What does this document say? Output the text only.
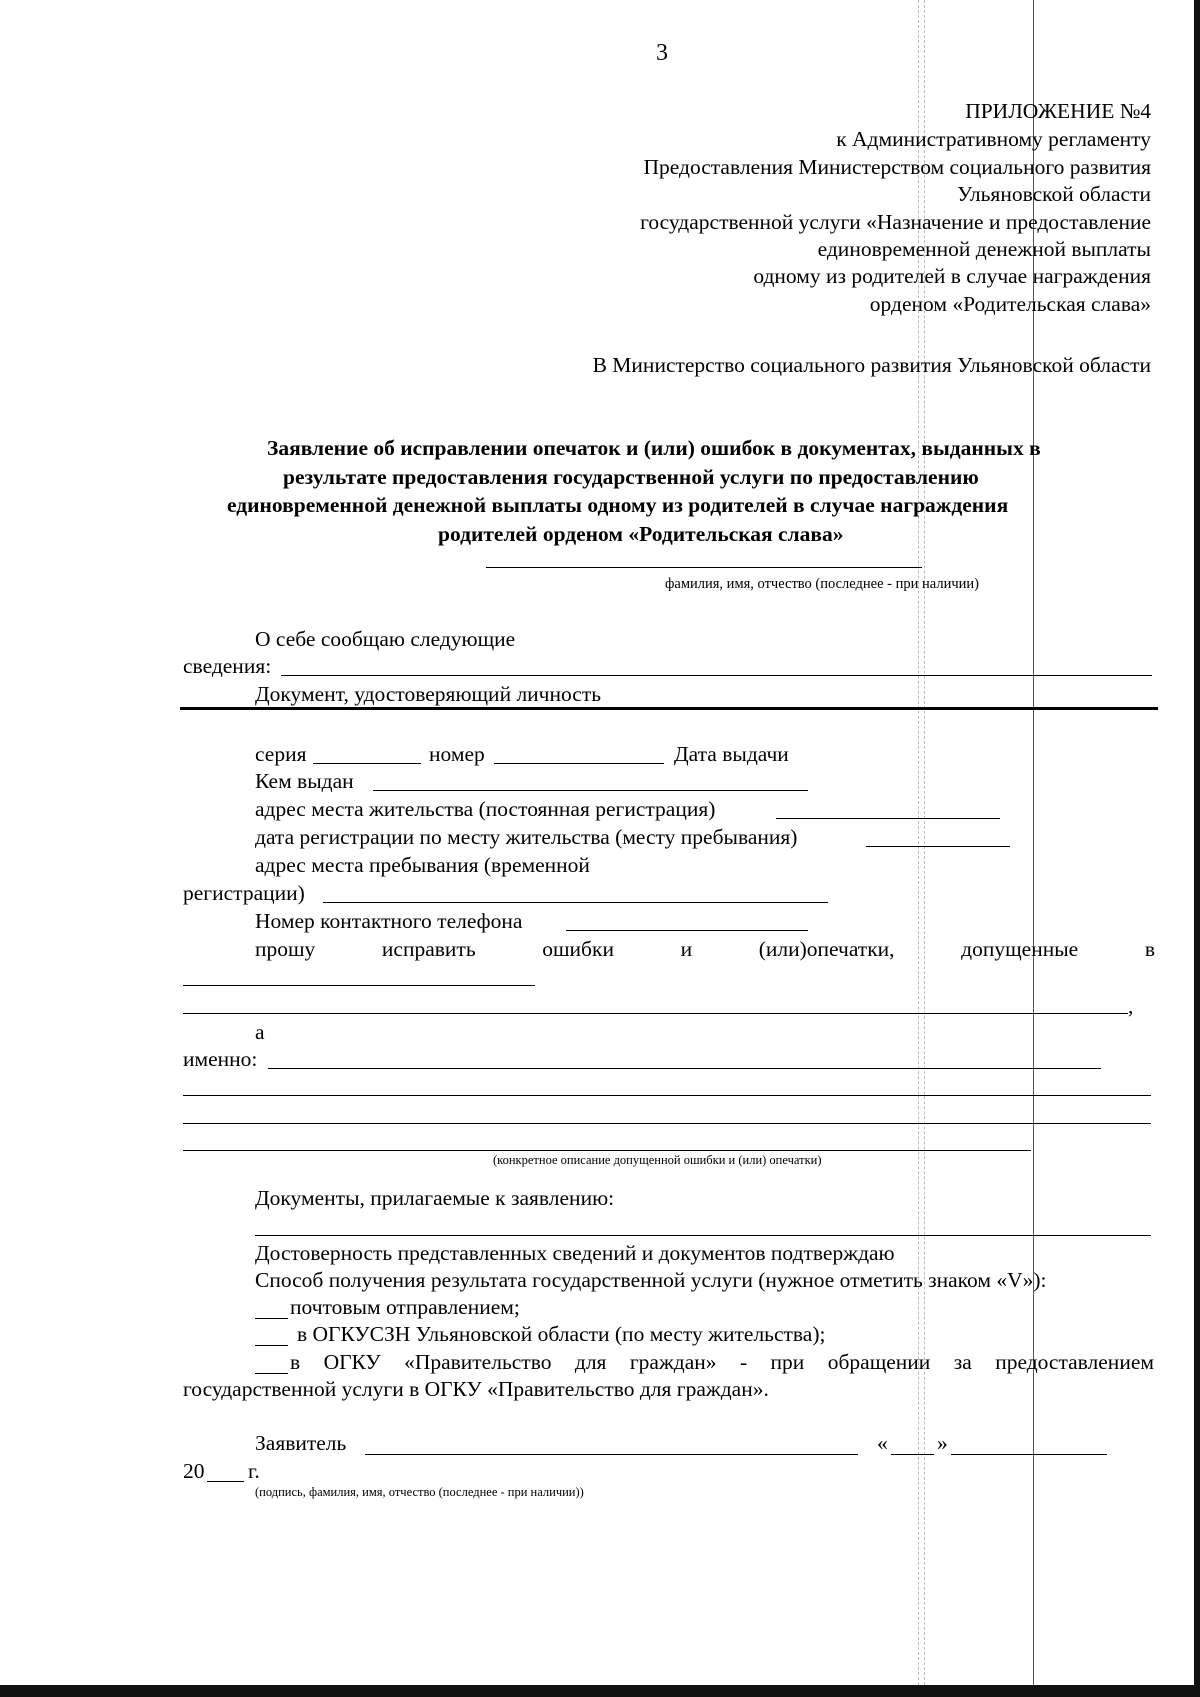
3
ПРИЛОЖЕНИЕ №4
к Административному регламенту
Предоставления Министерством социального развития
Ульяновской области
государственной услуги «Назначение и предоставление
единовременной денежной выплаты
одному из родителей в случае награждения
орденом «Родительская слава»
В Министерство социального развития Ульяновской области
Заявление об исправлении опечаток и (или) ошибок в документах, выданных в
результате предоставления государственной услуги по предоставлению
единовременной денежной выплаты одному из родителей в случае награждения
родителей орденом «Родительская слава»
фамилия, имя, отчество (последнее - при наличии)
О себе сообщаю следующие
сведения:
Документ, удостоверяющий личность
серия	номер	Дата выдачи
Кем выдан
адрес места жительства (постоянная регистрация)
дата регистрации по месту жительства (месту пребывания)
адрес места пребывания (временной
регистрации)
Номер контактного телефона
прошу	исправить	ошибки	и	(или)опечатки,	допущенные	в
,
а
именно:
(конкретное описание допущенной ошибки и (или) опечатки)
Документы, прилагаемые к заявлению:
Достоверность представленных сведений и документов подтверждаю
Способ получения результата государственной услуги (нужное отметить знаком «V»):
почтовым отправлением;
в ОГКУСЗН Ульяновской области (по месту жительства);
в ОГКУ «Правительство для граждан» - при обращении за предоставлением
государственной услуги в ОГКУ «Правительство для граждан».
Заявитель	« »
20 г.
(подпись, фамилия, имя, отчество (последнее - при наличии))
